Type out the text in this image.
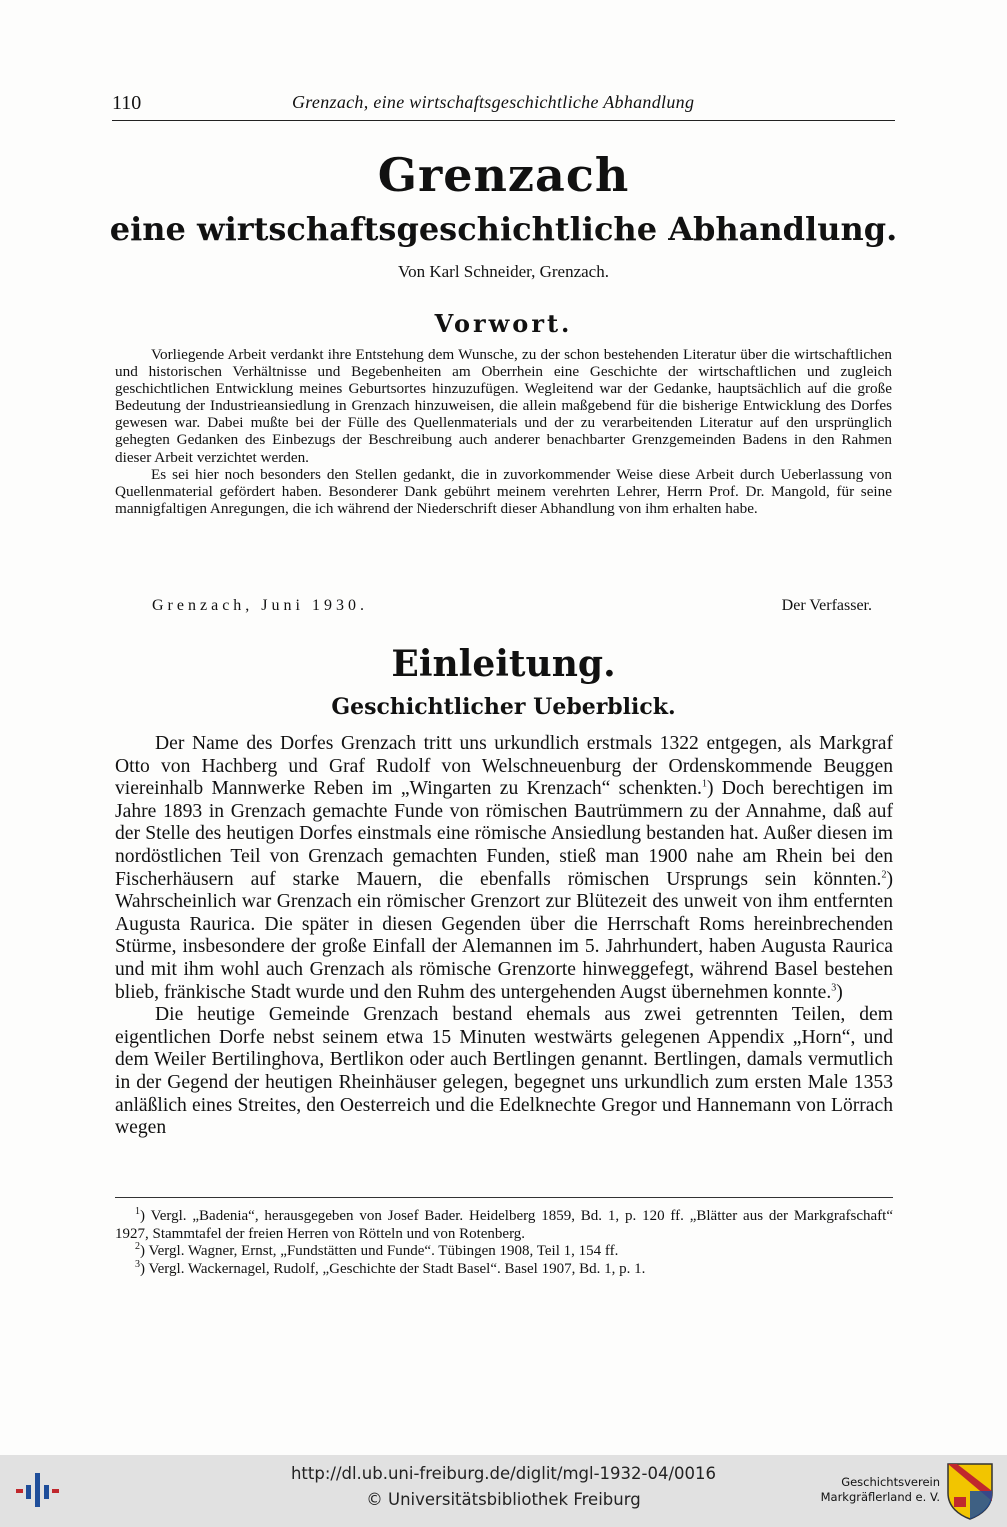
110	Grenzach, eine wirtschaftsgeschichtliche Abhandlung
Grenzach
eine wirtschaftsgeschichtliche Abhandlung.
Von Karl Schneider, Grenzach.
Vorwort.

Vorliegende Arbeit verdankt ihre Entstehung dem Wunsche, zu der schon bestehenden Literatur über die wirtschaftlichen und historischen Verhältnisse und Begebenheiten am Oberrhein eine Geschichte der wirtschaftlichen und zugleich geschichtlichen Entwicklung meines Geburtsortes hinzuzufügen. Wegleitend war der Gedanke, hauptsächlich auf die große Bedeutung der Industrieansiedlung in Grenzach hinzuweisen, die allein maßgebend für die bisherige Entwicklung des Dorfes gewesen war. Dabei mußte bei der Fülle des Quellenmaterials und der zu verarbeitenden Literatur auf den ursprünglich gehegten Gedanken des Einbezugs der Beschreibung auch anderer benachbarter Grenzgemeinden Badens in den Rahmen dieser Arbeit verzichtet werden.

Es sei hier noch besonders den Stellen gedankt, die in zuvorkommender Weise diese Arbeit durch Ueberlassung von Quellenmaterial gefördert haben. Besonderer Dank gebührt meinem verehrten Lehrer, Herrn Prof. Dr. Mangold, für seine mannigfaltigen Anregungen, die ich während der Niederschrift dieser Abhandlung von ihm erhalten habe.

Grenzach, Juni 1930.	Der Verfasser.
Einleitung.
Geschichtlicher Ueberblick.

Der Name des Dorfes Grenzach tritt uns urkundlich erstmals 1322 entgegen, als Markgraf Otto von Hachberg und Graf Rudolf von Welschneuenburg der Ordenskommende Beuggen viereinhalb Mannwerke Reben im „Wingarten zu Krenzach“ schenkten.$^1$) Doch berechtigen im Jahre 1893 in Grenzach gemachte Funde von römischen Bautrümmern zu der Annahme, daß auf der Stelle des heutigen Dorfes einstmals eine römische Ansiedlung bestanden hat. Außer diesen im nordöstlichen Teil von Grenzach gemachten Funden, stieß man 1900 nahe am Rhein bei den Fischerhäusern auf starke Mauern, die ebenfalls römischen Ursprungs sein könnten.$^2$) Wahrscheinlich war Grenzach ein römischer Grenzort zur Blütezeit des unweit von ihm entfernten Augusta Raurica. Die später in diesen Gegenden über die Herrschaft Roms hereinbrechenden Stürme, insbesondere der große Einfall der Alemannen im 5. Jahrhundert, haben Augusta Raurica und mit ihm wohl auch Grenzach als römische Grenzorte hinweggefegt, während Basel bestehen blieb, fränkische Stadt wurde und den Ruhm des untergehenden Augst übernehmen konnte.$^3$)

Die heutige Gemeinde Grenzach bestand ehemals aus zwei getrennten Teilen, dem eigentlichen Dorfe nebst seinem etwa 15 Minuten westwärts gelegenen Appendix „Horn“, und dem Weiler Bertilinghova, Bertlikon oder auch Bertlingen genannt. Bertlingen, damals vermutlich in der Gegend der heutigen Rheinhäuser gelegen, begegnet uns urkundlich zum ersten Male 1353 anläßlich eines Streites, den Oesterreich und die Edelknechte Gregor und Hannemann von Lörrach wegen

$^1$) Vergl. „Badenia“, herausgegeben von Josef Bader. Heidelberg 1859, Bd. 1, p. 120 ff. „Blätter aus der Markgrafschaft“ 1927, Stammtafel der freien Herren von Rötteln und von Rotenberg.

$^2$) Vergl. Wagner, Ernst, „Fundstätten und Funde“. Tübingen 1908, Teil 1, 154 ff.

$^3$) Vergl. Wackernagel, Rudolf, „Geschichte der Stadt Basel“. Basel 1907, Bd. 1, p. 1.

http://dl.ub.uni-freiburg.de/diglit/mgl-1932-04/0016
© Universitätsbibliothek Freiburg
Geschichtsverein
Markgräflerland e. V.
